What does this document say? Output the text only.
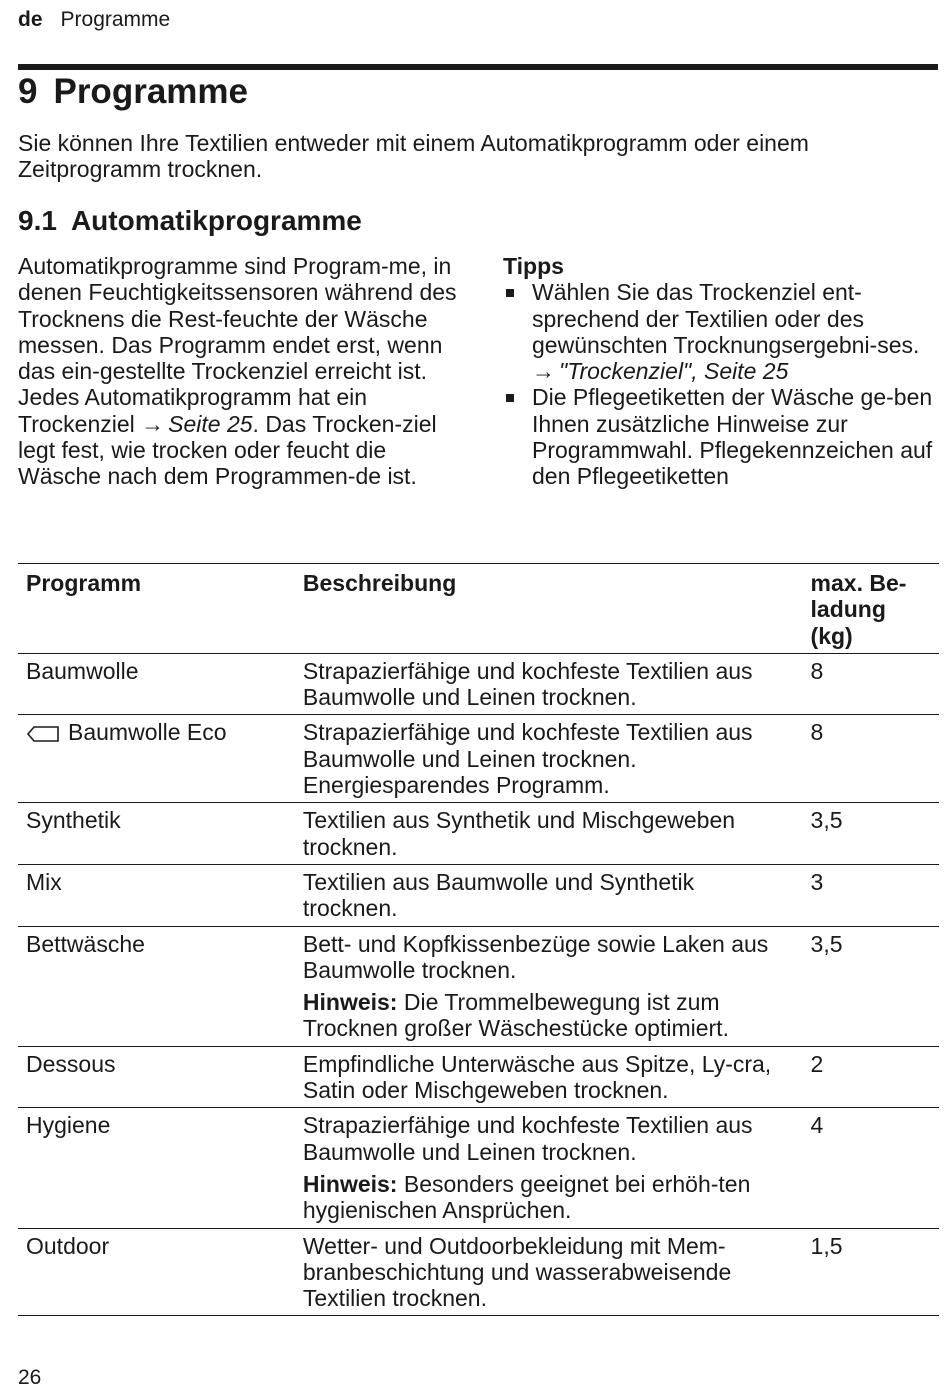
de Programme
9 Programme

Sie können Ihre Textilien entweder mit einem Automatikprogramm oder einem Zeitprogramm trocknen.

9.1 Automatikprogramme

Automatikprogramme sind Program-me, in denen Feuchtigkeitssensoren während des Trocknens die Rest-feuchte der Wäsche messen. Das Programm endet erst, wenn das ein-gestellte Trockenziel erreicht ist. Jedes Automatikprogramm hat ein Trockenziel → Seite 25. Das Trocken-ziel legt fest, wie trocken oder feucht die Wäsche nach dem Programmen-de ist.

Tipps

Wählen Sie das Trockenziel ent-sprechend der Textilien oder des gewünschten Trocknungsergebni-ses.
→ "Trockenziel", Seite 25
Die Pflegeetiketten der Wäsche ge-ben Ihnen zusätzliche Hinweise zur Programmwahl. Pflegekennzeichen auf den Pflegeetiketten
Programm	Beschreibung	max. Be-ladung (kg)
Baumwolle	Strapazierfähige und kochfeste Textilien aus Baumwolle und Leinen trocknen.	8
Baumwolle Eco	Strapazierfähige und kochfeste Textilien aus Baumwolle und Leinen trocknen. Energiesparendes Programm.	8
Synthetik	Textilien aus Synthetik und Mischgeweben trocknen.	3,5
Mix	Textilien aus Baumwolle und Synthetik trocknen.	3
Bettwäsche	Bett- und Kopfkissenbezüge sowie Laken aus Baumwolle trocknen.

Hinweis: Die Trommelbewegung ist zum Trocknen großer Wäschestücke optimiert.	3,5
Dessous	Empfindliche Unterwäsche aus Spitze, Ly-cra, Satin oder Mischgeweben trocknen.	2
Hygiene	Strapazierfähige und kochfeste Textilien aus Baumwolle und Leinen trocknen.

Hinweis: Besonders geeignet bei erhöh-ten hygienischen Ansprüchen.	4
Outdoor	Wetter- und Outdoorbekleidung mit Mem-branbeschichtung und wasserabweisende Textilien trocknen.	1,5
26
